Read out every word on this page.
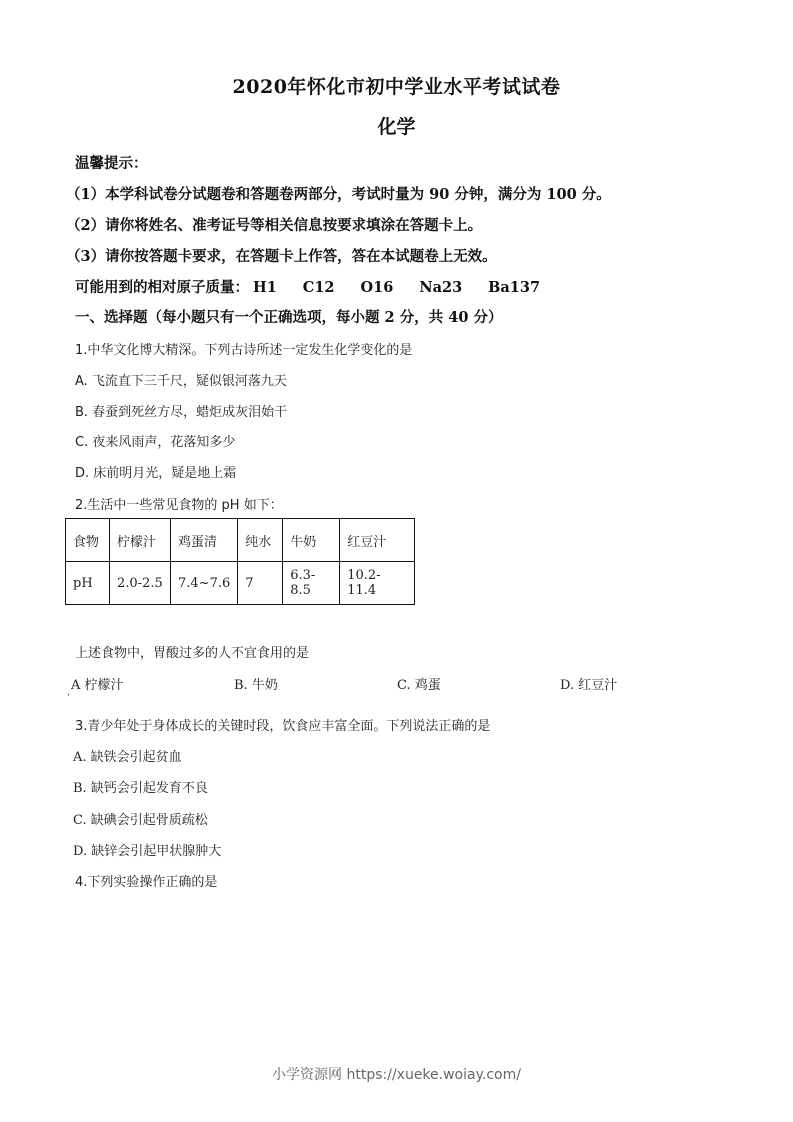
2020年怀化市初中学业水平考试试卷
化学
温馨提示：
（1）本学科试卷分试题卷和答题卷两部分，考试时量为 90 分钟，满分为 100 分。
（2）请你将姓名、准考证号等相关信息按要求填涂在答题卡上。
（3）请你按答题卡要求，在答题卡上作答，答在本试题卷上无效。
可能用到的相对原子质量： H1 C12 O16 Na23 Ba137
一、选择题（每小题只有一个正确选项，每小题 2 分，共 40 分）
1.中华文化博大精深。下列古诗所述一定发生化学变化的是
A. 飞流直下三千尺，疑似银河落九天
B. 春蚕到死丝方尽，蜡炬成灰泪始干
C. 夜来风雨声，花落知多少
D. 床前明月光，疑是地上霜
2.生活中一些常见食物的 pH 如下：
食物	柠檬汁	鸡蛋清	纯水	牛奶	红豆汁
pH	2.0-2.5	7.4~7.6	7	6.3-8.5	10.2-11.4
上述食物中，胃酸过多的人不宜食用的是
A 柠檬汁	B. 牛奶	C. 鸡蛋	D. 红豆汁
3.青少年处于身体成长的关键时段，饮食应丰富全面。下列说法正确的是
A. 缺铁会引起贫血
B. 缺钙会引起发育不良
C. 缺碘会引起骨质疏松
D. 缺锌会引起甲状腺肿大
4.下列实验操作正确的是
小学资源网 https://xueke.woiay.com/
